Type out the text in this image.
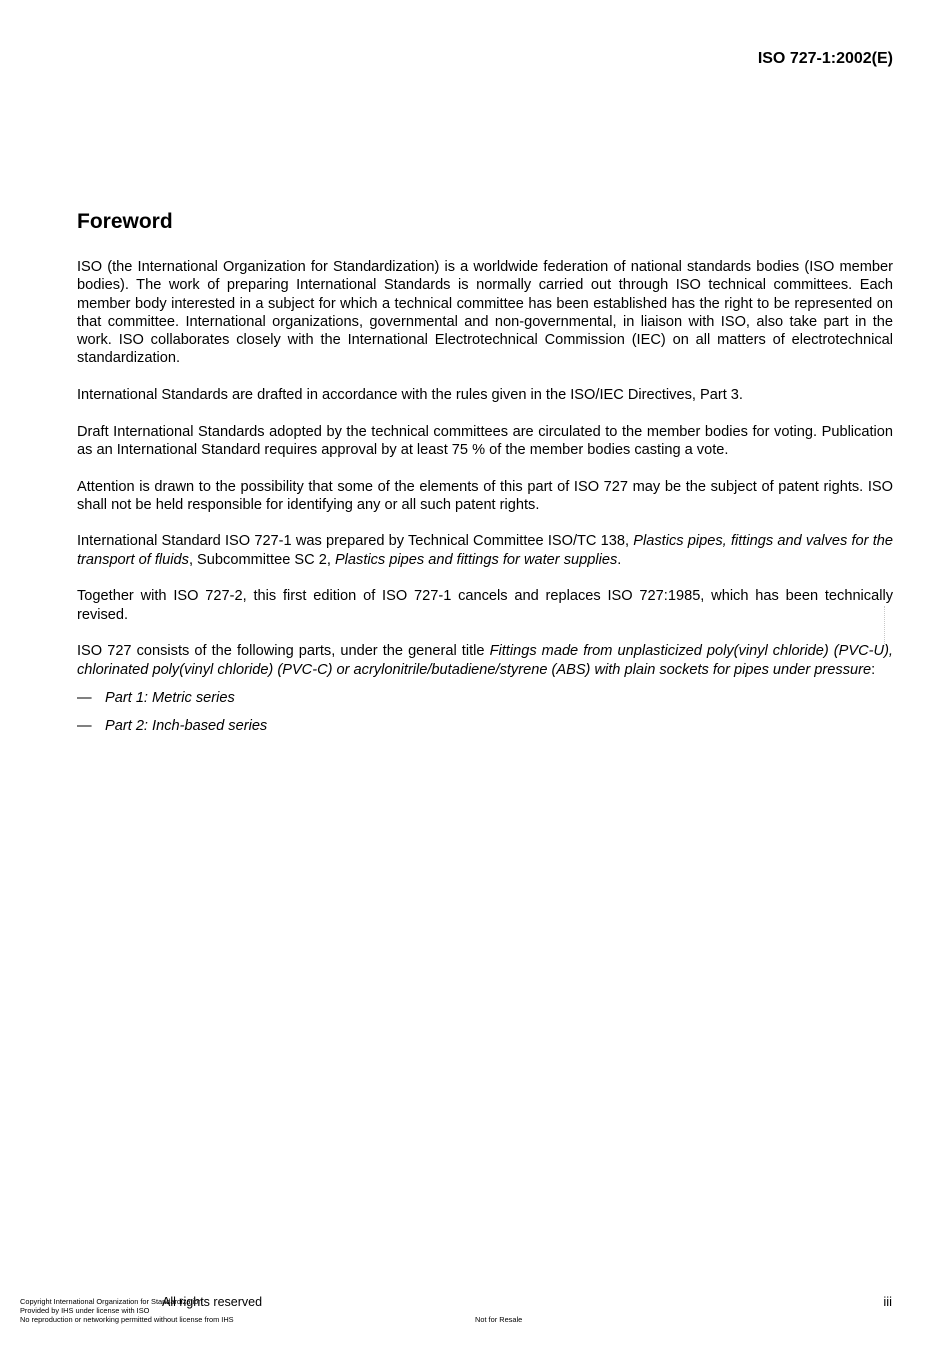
ISO 727-1:2002(E)
Foreword

ISO (the International Organization for Standardization) is a worldwide federation of national standards bodies (ISO member bodies). The work of preparing International Standards is normally carried out through ISO technical committees. Each member body interested in a subject for which a technical committee has been established has the right to be represented on that committee. International organizations, governmental and non-governmental, in liaison with ISO, also take part in the work. ISO collaborates closely with the International Electrotechnical Commission (IEC) on all matters of electrotechnical standardization.

International Standards are drafted in accordance with the rules given in the ISO/IEC Directives, Part 3.

Draft International Standards adopted by the technical committees are circulated to the member bodies for voting. Publication as an International Standard requires approval by at least 75 % of the member bodies casting a vote.

Attention is drawn to the possibility that some of the elements of this part of ISO 727 may be the subject of patent rights. ISO shall not be held responsible for identifying any or all such patent rights.

International Standard ISO 727-1 was prepared by Technical Committee ISO/TC 138, Plastics pipes, fittings and valves for the transport of fluids, Subcommittee SC 2, Plastics pipes and fittings for water supplies.

Together with ISO 727-2, this first edition of ISO 727-1 cancels and replaces ISO 727:1985, which has been technically revised.

ISO 727 consists of the following parts, under the general title Fittings made from unplasticized poly(vinyl chloride) (PVC-U), chlorinated poly(vinyl chloride) (PVC-C) or acrylonitrile/butadiene/styrene (ABS) with plain sockets for pipes under pressure:

— Part 1: Metric series
— Part 2: Inch-based series
All rights reserved
Copyright International Organization for Standardization
Provided by IHS under license with ISO
No reproduction or networking permitted without license from IHS	Not for Resale
iii
